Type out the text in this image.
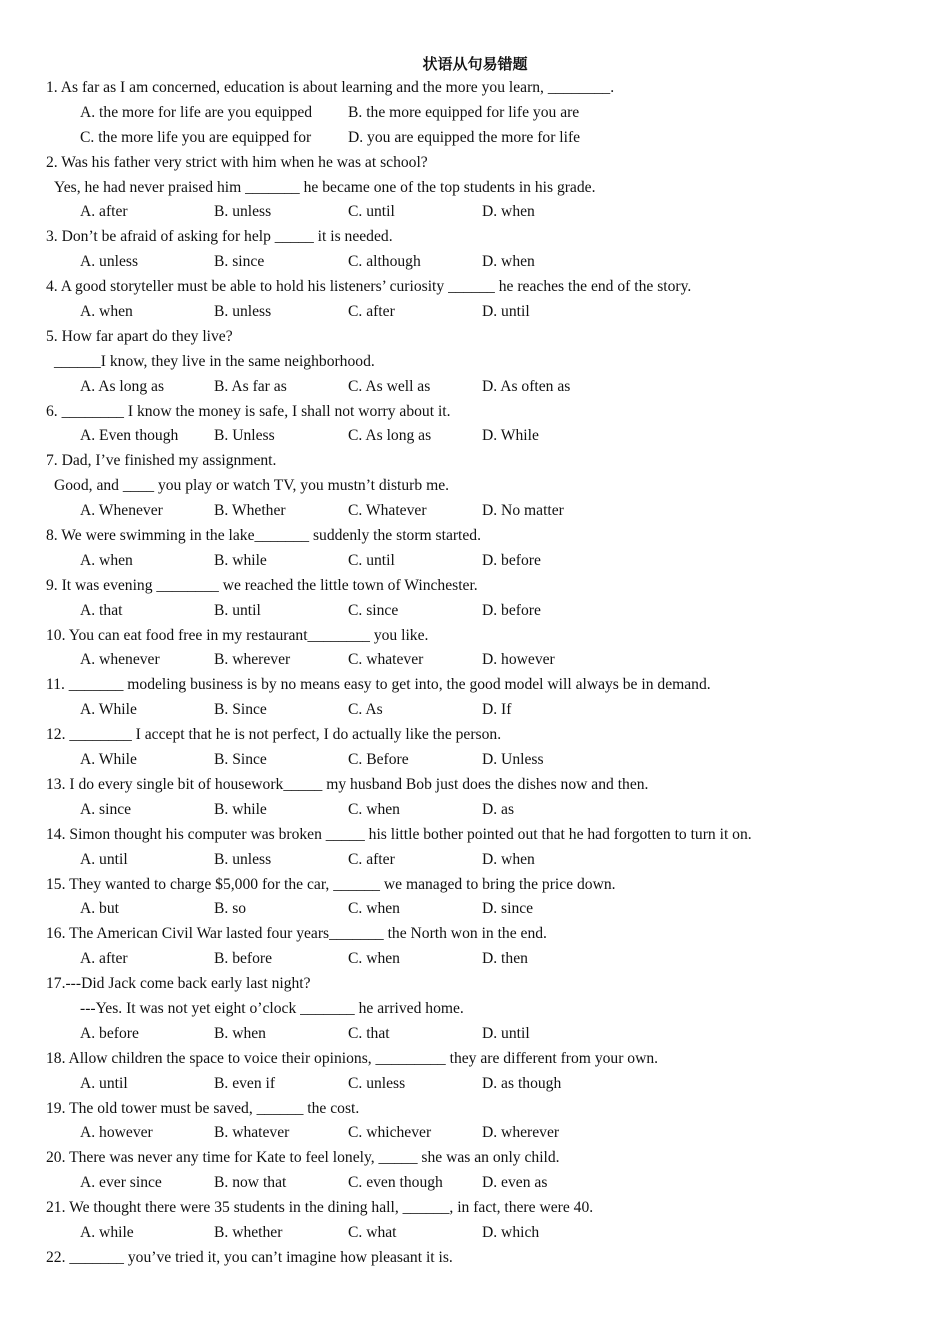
状语从句易错题
1. As far as I am concerned, education is about learning and the more you learn, ________.
A. the more for life are you equipped B. the more equipped for life you are
C. the more life you are equipped for D. you are equipped the more for life
2. Was his father very strict with him when he was at school?
Yes, he had never praised him _______ he became one of the top students in his grade.
A. after	B. unless	C. until	D. when
3. Don’t be afraid of asking for help _____ it is needed.
A. unless	B. since	C. although	D. when
4. A good storyteller must be able to hold his listeners’ curiosity ______ he reaches the end of the story.
A. when	B. unless	C. after	D. until
5. How far apart do they live?
______I know, they live in the same neighborhood.
A. As long as	B. As far as	C. As well as	D. As often as
6. ________ I know the money is safe, I shall not worry about it.
A. Even though B. Unless	C. As long as	D. While
7. Dad, I’ve finished my assignment.
Good, and ____ you play or watch TV, you mustn’t disturb me.
A. Whenever	B. Whether	C. Whatever	D. No matter
8. We were swimming in the lake_______ suddenly the storm started.
A. when	B. while	C. until	D. before
9. It was evening ________ we reached the little town of Winchester.
A. that	B. until	C. since	D. before
10. You can eat food free in my restaurant________ you like.
A. whenever	B. wherever	C. whatever	D. however
11. _______ modeling business is by no means easy to get into, the good model will always be in demand.
A. While	B. Since	C. As	D. If
12. ________ I accept that he is not perfect, I do actually like the person.
A. While	B. Since	C. Before	D. Unless
13. I do every single bit of housework_____ my husband Bob just does the dishes now and then.
A. since	B. while	C. when	D. as
14. Simon thought his computer was broken _____ his little bother pointed out that he had forgotten to turn it on.
A. until	B. unless	C. after	D. when
15. They wanted to charge $5,000 for the car, ______ we managed to bring the price down.
A. but	B. so	C. when	D. since
16. The American Civil War lasted four years_______ the North won in the end.
A. after	B. before	C. when	D. then
17.---Did Jack come back early last night?
---Yes. It was not yet eight o’clock _______ he arrived home.
A. before	B. when	C. that	D. until
18. Allow children the space to voice their opinions, _________ they are different from your own.
A. until	B. even if	C. unless	D. as though
19. The old tower must be saved, ______ the cost.
A. however	B. whatever	C. whichever	D. wherever
20. There was never any time for Kate to feel lonely, _____ she was an only child.
A. ever since	B. now that	C. even though	D. even as
21. We thought there were 35 students in the dining hall, ______, in fact, there were 40.
A. while	B. whether	C. what	D. which
22. _______ you’ve tried it, you can’t imagine how pleasant it is.
